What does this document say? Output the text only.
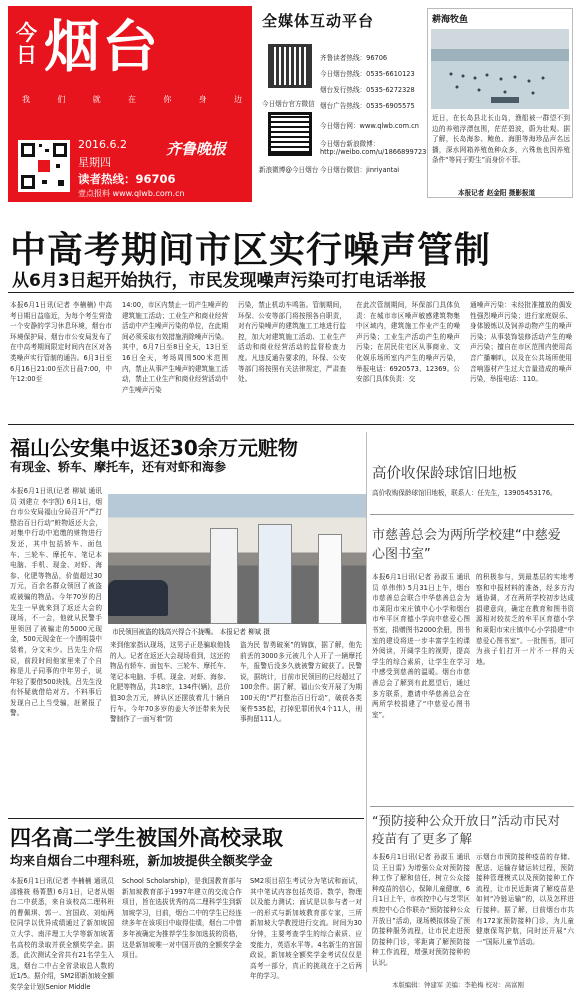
今日 烟台
我	们	就	在	你	身	边
2016.6.2
星期四
齐鲁晚报
读者热线：96706
壹点报料 www.qlwb.com.cn
全媒体互动平台
今日烟台官方微信
新浪微博@今日烟台
齐鲁读者热线：96706
今日烟台热线：0535-6610123
烟台发行热线：0535-6272328
烟台广告热线：0535-6905575
今日烟台网：www.qlwb.com.cn
今日烟台新浪微博：
http://weibo.com/u/1866899723
今日烟台微信：jinriyantai
耕海牧鱼
近日，在长岛县北长山岛，渔船被一群望不到边的养殖浮漂包围，茫茫碧波，蔚为壮观。据了解，长岛海参、鲍鱼、海胆等海珍品声名远播，深水网箱养殖鱼种众多，六殊鱼也因养殖条件“等同于野生”而身价不菲。
本报记者 赵金阳 摄影报道
中高考期间市区实行噪声管制
从6月3日起开始执行，市民发现噪声污染可打电话举报
本报6月1日讯(记者 李楠楠) 中高考日期日益临近，为每个考生营造一个安静的学习休息环境，烟台市环境保护局、烟台市公安局发布了在中高考期间限定时间内在区对各类噪声实行管制的通告。6月3日至6月16日21:00至次日晨7:00，中午12:00至
14:00，市区内禁止一切产生噪声的建筑施工活动；工业生产和商业经营活动中产生噪声污染的单位，在此期间必须采取有效措施消除噪声污染。其中，6月7日至8日全天，13日至16日全天，考场周围500米范围内，禁止从事产生噪声的建筑施工活动，禁止工业生产和商业经营活动中产生噪声污染
污染，禁止机动车鸣笛。管制期间，环保、公安等部门将按照各自职责，对有污染噪声的建筑施工工地进行监控，加大对建筑施工活动、工业生产活动和商业经营活动的监督检查力度。凡违反通告要求的，环保、公安等部门将按照有关法律规定，严肃查处。
在此次管制期间，环保部门具体负责：在城市市区噪声敏感建筑物集中区域内，建筑施工作业产生的噪声污染；工业生产活动产生的噪声污染；在居民住宅区从事商业、文化娱乐场所室内产生的噪声污染，举报电话：6920573、12369。公安部门具体负责：交
通噪声污染：未经批准擅放的偶发性强烈噪声污染；进行家庭娱乐、身体锻炼以及饲养动物产生的噪声污染；从事装饰装修活动产生的噪声污染；擅自在市区范围内使用高音广播喇叭，以及在公共场所使用音响器材产生过大音量造成的噪声污染，举报电话：110。
福山公安集中返还30余万元赃物
有现金、轿车、摩托车，还有对虾和海参
本报6月1日讯(记者 柳斌 通讯员 刘建立 李宇凯) 6月1日，烟台市公安局福山分局召开“严打整治百日行动”赃物返还大会，对集中行动中追缴的赃物进行发还，其中包括轿车、面包车、三轮车、摩托车、笔记本电脑、手机、现金、对虾、海参、化肥等物品，价值超过30万元，百余名群众领回了被盗或被骗的物品。今年70岁的吕先生一早就来到了返还大会的现场，不一会，他就从民警手里领回了被骗走的5000元现金，500元现金在一个透明袋中装着，分文未少。吕先生介绍说，前段时间他家里来了个自称是儿子同事的中年男子，说年轻了要借500块钱，吕先生没有怀疑就借给对方。不料事后发现自己上当受骗，赶紧报了警。
市民领回被盗的钱高兴得合不拢嘴。 本报记者 柳斌 摄
来到他家指认现场，这男子正是骗取他钱的人。记者在返还大会现场看到，这还的物品有轿车、面包车、三轮车、摩托车、笔记本电脑、手机、现金、对虾、海参、化肥等物品，共18宗，134件(辆)，总价值30余万元，辨认区还摆放着几十辆自行车。今年70多岁的姜大爷还带来为民警制作了一面写着“防
盗为民 智勇破案”的锦旗，据了解，他先前丢的3000多元被几个人开了一辆摩托车，报警后没多久就被警方破获了。民警说，据统计，目前市民领回的已经超过了100余件。据了解，福山公安开展了为期100天的“严打整治百日行动”，破获各类案件535起，打掉犯罪团伙4个11人，刑事拘留111人。
高价收保龄球馆旧地板
高价收购保龄球馆旧地板，联系人：任先生，13905453176。
市慈善总会为两所学校建“中慈爱心图书室”
本报6月1日讯(记者 孙淑玉 通讯员 单伟伟) 5月31日上午，烟台市慈善总会联合中华慈善总会为市莱阳市宋庄镇中心小学和烟台市牟平区育德小学向中慈爱心图书室，捐赠图书2000余册，图书室的建设将进一步丰富学生的课外阅读，开阔学生的视野，提高学生的综合素质，让学生在学习中感受到慈善的温暖。烟台市慈善总会了解到有此愿望后，通过多方联系，邀请中华慈善总会在两所学校捐建了“中慈爱心图书室”。
的积极参与，到最基层的实地考察和申报材料的准备，经多方沟通协调，才在两所学校初步达成捐建意向，确定在教育和图书资源相对较贫乏的牟平区育德小学和莱阳市宋庄镇中心小学捐建“中慈爱心图书室”。一批图书，即可为孩子们打开一片不一样的天地。
“预防接种公众开放日”活动市民对疫苗有了更多了解
本报6月1日讯(记者 孙淑玉 通讯员 王日雷) 为增强公众对预防接种工作了解和信任，树立公众接种疫苗的信心，保障儿童健康，6月1日上午，市疾控中心与芝罘区疾控中心合作联办“预防接种公众开放日”活动，现场模拟体验了预防接种服务流程，让市民走进预防接种门诊，零距离了解预防接种工作流程，增强对预防接种的认识。
示烟台市预防接种疫苗的存储、配送、运输存储运转过程，预防接种管理模式以及预防接种工作流程，让市民近距离了解疫苗是如何“冷链运输”的，以及怎样进行接种。据了解，目前烟台市共有172家预防接种门诊，为儿童健康保驾护航，同时还开展“六一”国际儿童节活动。
四名高二学生被国外高校录取
均来自烟台二中理科班，新加坡提供全额奖学金
本报6月1日讯(记者 李楠楠 通讯员 邵雅筱 杨菁慧) 6月1日，记者从烟台二中获悉，来自该校高二理科班的曹佩琪、郭一、宫国政、刘灿两位同学以优异成绩通过了新加坡国立大学、南洋理工大学等新加坡著名高校的录取并获全额奖学金。据悉，此次测试全省共有21名学生入选，烟台二中占全省录取总人数的近1/5。据介绍，SM2即新加坡全额奖学金计划(Senior Middle
School Scholarship)，是我国教育部与新加坡教育部于1997年建立的交流合作项目，旨在选拔优秀的高二理科学生到新加坡学习，目前，烟台二中的学生已经连续多年在该项目中取得佳绩，烟台二中曾多年被确定为推荐学生参加选拔的资格，这是新加坡唯一对中国开放的全额奖学金项目。
SM2项目招生考试分为笔试和面试，其中笔试内容包括英语、数学，物理以及能力测试；面试是以参与者一对一的形式与新加坡教育部专家，三所新加坡大学教授进行交流。时间为30分钟，主要考查学生的综合素质、应变能力，英语水平等。4名新生的宫国政说，新加坡全额奖学金考试仅仅是高考一部分，真正的挑战在于之后两年的学习。
本版编辑：钟建军 美编：李艳梅 校对：高富刚
